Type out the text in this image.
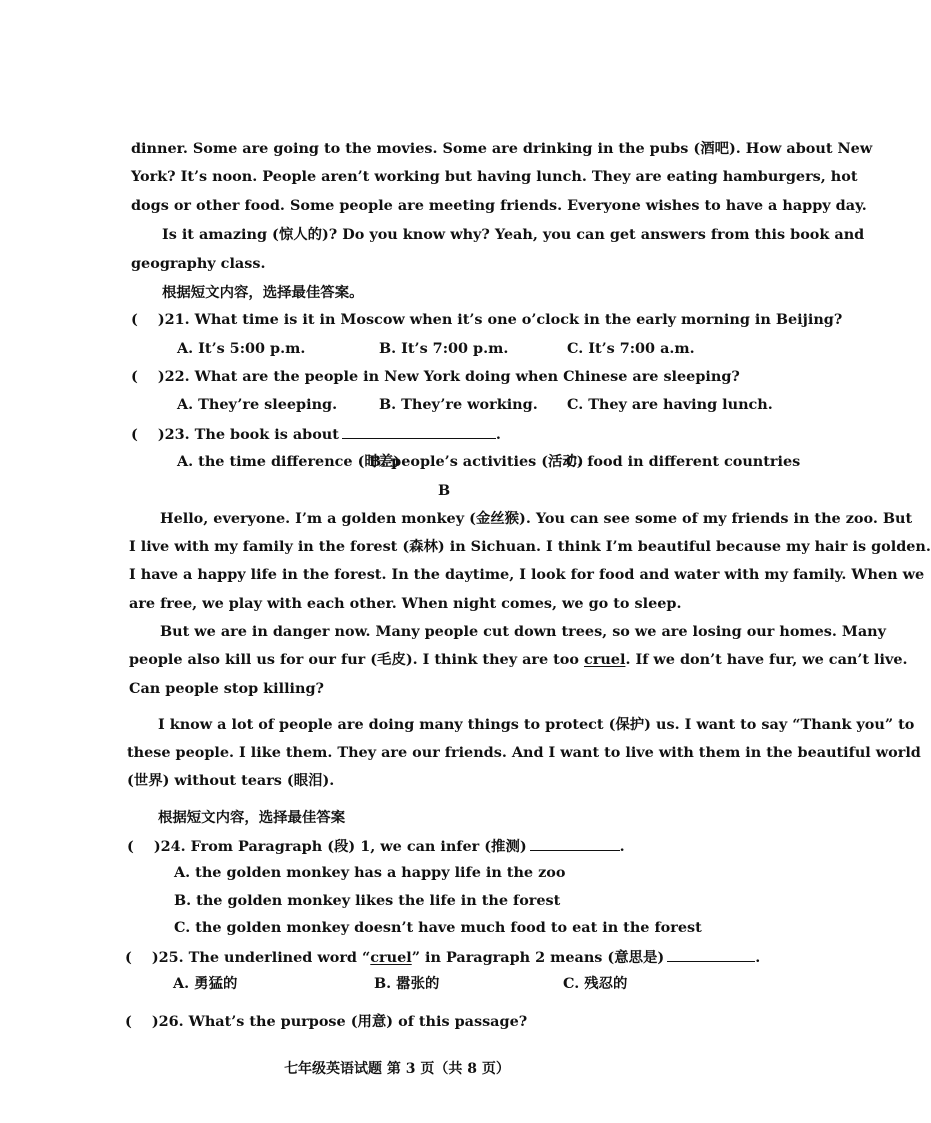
dinner. Some are going to the movies. Some are drinking in the pubs (酒吧). How about New
York? It’s noon. People aren’t working but having lunch. They are eating hamburgers, hot
dogs or other food. Some people are meeting friends. Everyone wishes to have a happy day.
Is it amazing (惊人的)? Do you know why? Yeah, you can get answers from this book and
geography class.
根据短文内容，选择最佳答案。
( )21. What time is it in Moscow when it’s one o’clock in the early morning in Beijing?
A. It’s 5:00 p.m.	B. It’s 7:00 p.m.	C. It’s 7:00 a.m.
( )22. What are the people in New York doing when Chinese are sleeping?
A. They’re sleeping.	B. They’re working. C. They are having lunch.
( )23. The book is about	.
A. the time difference (时差)
B. people’s activities (活动)
C. food in different countries
B
Hello, everyone. I’m a golden monkey (金丝猴). You can see some of my friends in the zoo. But
I live with my family in the forest (森林) in Sichuan. I think I’m beautiful because my hair is golden.
I have a happy life in the forest. In the daytime, I look for food and water with my family. When we
are free, we play with each other. When night comes, we go to sleep.
But we are in danger now. Many people cut down trees, so we are losing our homes. Many
people also kill us for our fur (毛皮). I think they are too cruel. If we don’t have fur, we can’t live.
Can people stop killing?
I know a lot of people are doing many things to protect (保护) us. I want to say “Thank you” to
these people. I like them. They are our friends. And I want to live with them in the beautiful world
(世界) without tears (眼泪).
根据短文内容，选择最佳答案
( )24. From Paragraph (段) 1, we can infer (推测)	.
A. the golden monkey has a happy life in the zoo
B. the golden monkey likes the life in the forest
C. the golden monkey doesn’t have much food to eat in the forest
( )25. The underlined word “cruel” in Paragraph 2 means (意思是)	.
A. 勇猛的	B. 嚣张的	C. 残忍的
( )26. What’s the purpose (用意) of this passage?
七年级英语试题 第 3 页（共 8 页）
